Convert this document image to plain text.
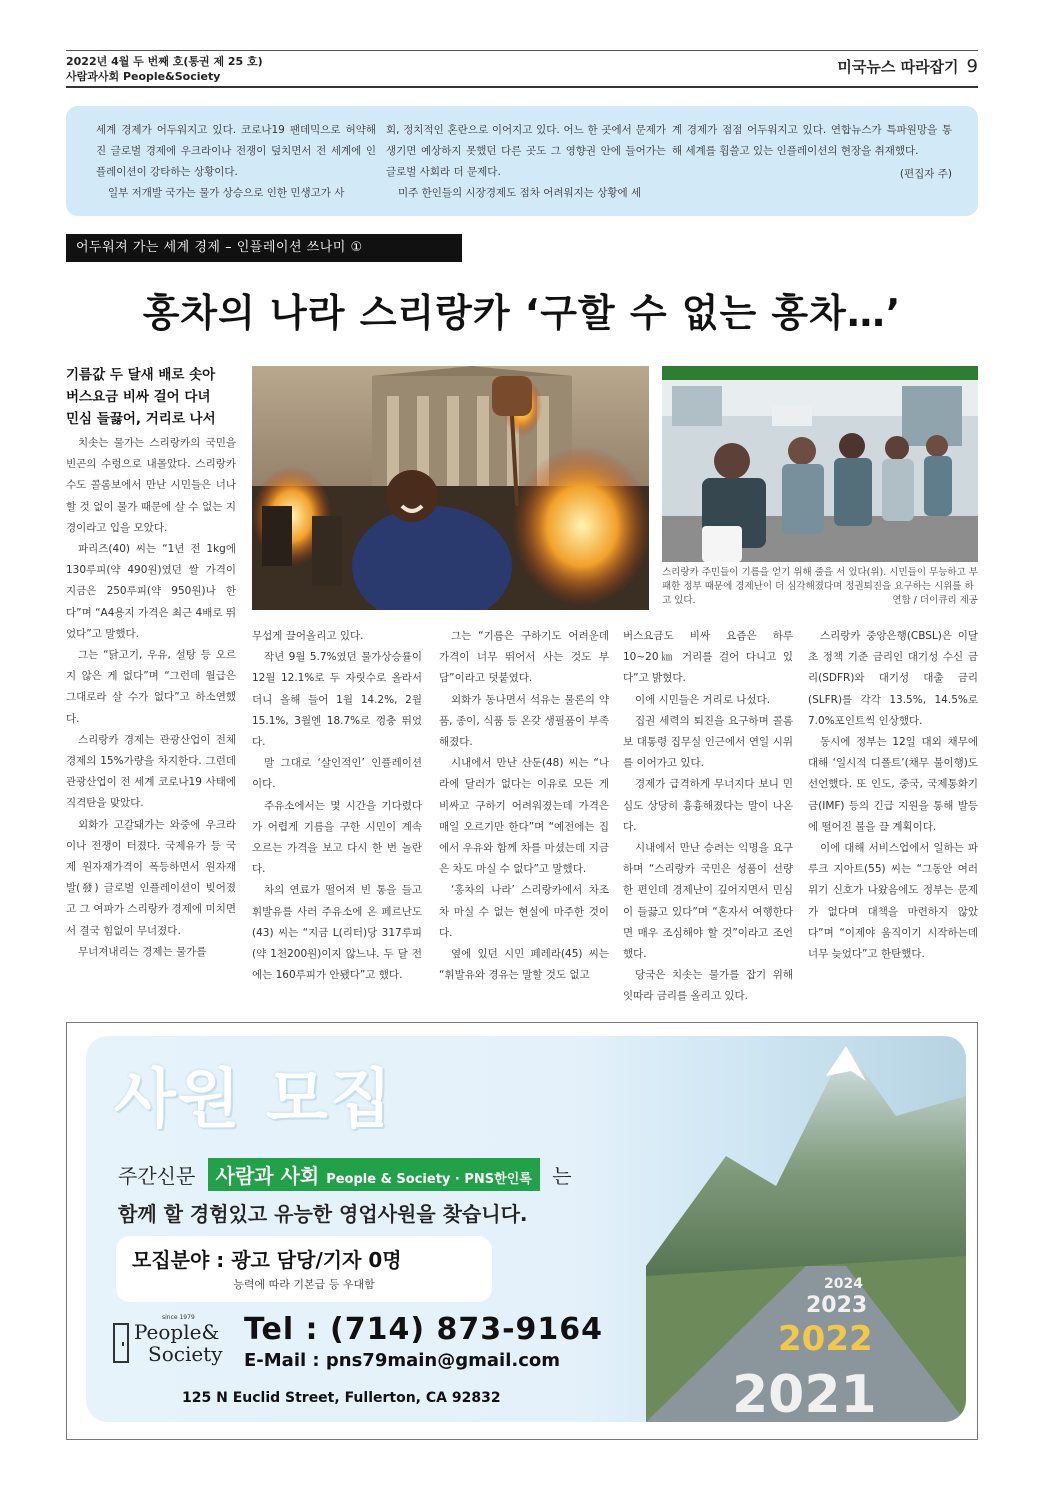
2022년 4월 두 번째 호(통권 제 25 호)
사람과사회 People&Society
미국뉴스 따라잡기 9

세계 경제가 어두워지고 있다. 코로나19 팬데믹으로 허약해진 글로벌 경제에 우크라이나 전쟁이 덮치면서 전 세계에 인플레이션이 강타하는 상황이다.

일부 저개발 국가는 물가 상승으로 인한 민생고가 사

회, 정치적인 혼란으로 이어지고 있다. 어느 한 곳에서 문제가 생기면 예상하지 못했던 다른 곳도 그 영향권 안에 들어가는 글로벌 사회라 더 문제다.

미주 한인들의 시장경제도 점차 어려워지는 상황에 세

계 경제가 점점 어두워지고 있다. 연합뉴스가 특파원망을 통해 세계를 휩쓸고 있는 인플레이션의 현장을 취재했다.

(편집자 주)
어두워져 가는 세계 경제 – 인플레이션 쓰나미 ①
홍차의 나라 스리랑카 ‘구할 수 없는 홍차…’
기름값 두 달새 배로 솟아
버스요금 비싸 걸어 다녀
민심 들끓어, 거리로 나서
스리랑카 주민들이 기름을 얻기 위해 줄을 서 있다(위). 시민들이 무능하고 부패한 정부 때문에 경제난이 더 심각해졌다며 정권퇴진을 요구하는 시위를 하고 있다.	연합 / 더이큐리 제공

치솟는 물가는 스리랑카의 국민을 빈곤의 수렁으로 내몰았다. 스리랑카 수도 콜롬보에서 만난 시민들은 너나 할 것 없이 물가 때문에 살 수 없는 지경이라고 입을 모았다.

파리즈(40) 씨는 “1년 전 1kg에 130루피(약 490원)였던 쌀 가격이 지금은 250루피(약 950원)나 한다”며 “A4용지 가격은 최근 4배로 뛰었다”고 말했다.

그는 “닭고기, 우유, 설탕 등 오르지 않은 게 없다”며 “그런데 월급은 그대로라 살 수가 없다”고 하소연했다.

스리랑카 경제는 관광산업이 전체 경제의 15%가량을 차지한다. 그런데 관광산업이 전 세계 코로나19 사태에 직격탄을 맞았다.

외화가 고갈돼가는 와중에 우크라이나 전쟁이 터졌다. 국제유가 등 국제 원자재가격이 폭등하면서 원자재발(發) 글로벌 인플레이션이 빚어졌고 그 여파가 스리랑카 경제에 미치면서 결국 힘없이 무너졌다.

무너져내리는 경제는 물가를

무섭게 끌어올리고 있다.

작년 9월 5.7%였던 물가상승률이 12월 12.1%로 두 자릿수로 올라서더니 올해 들어 1월 14.2%, 2월 15.1%, 3월엔 18.7%로 껑충 뛰었다.

말 그대로 ‘살인적인’ 인플레이션이다.

주유소에서는 몇 시간을 기다렸다가 어렵게 기름을 구한 시민이 계속 오르는 가격을 보고 다시 한 번 놀란다.

차의 연료가 떨어져 빈 통을 들고 휘발유를 사러 주유소에 온 페르난도(43) 씨는 “지금 L(리터)당 317루피(약 1천200원)이지 않느냐. 두 달 전에는 160루피가 안됐다”고 했다.

그는 “기름은 구하기도 어려운데 가격이 너무 뛰어서 사는 것도 부담”이라고 덧붙였다.

외화가 동나면서 석유는 물론의 약품, 종이, 식품 등 온갖 생필품이 부족해졌다.

시내에서 만난 산둔(48) 씨는 “나라에 달러가 없다는 이유로 모든 게 비싸고 구하기 어려워졌는데 가격은 매일 오르기만 한다”며 “예전에는 집에서 우유와 함께 차를 마셨는데 지금은 차도 마실 수 없다”고 말했다.

‘홍차의 나라’ 스리랑카에서 차조차 마실 수 없는 현실에 마주한 것이다.

옆에 있던 시민 페레라(45) 씨는 “휘발유와 경유는 말할 것도 없고

버스요금도 비싸 요즘은 하루 10~20㎞ 거리를 걸어 다니고 있다”고 밝혔다.

이에 시민들은 거리로 나섰다.

집권 세력의 퇴진을 요구하며 콜롬보 대통령 집무실 인근에서 연일 시위를 이어가고 있다.

경제가 급격하게 무너지다 보니 민심도 상당히 흉흉해졌다는 말이 나온다.

시내에서 만난 승려는 익명을 요구하며 “스리랑카 국민은 성품이 선량한 편인데 경제난이 깊어지면서 민심이 들끓고 있다”며 “혼자서 여행한다면 매우 조심해야 할 것”이라고 조언했다.

당국은 치솟는 물가를 잡기 위해 잇따라 금리를 올리고 있다.

스리랑카 중앙은행(CBSL)은 이달 초 정책 기준 금리인 대기성 수신 금리(SDFR)와 대기성 대출 금리(SLFR)를 각각 13.5%, 14.5%로 7.0%포인트씩 인상했다.

동시에 정부는 12일 대외 채무에 대해 ‘일시적 디폴트’(채무 불이행)도 선언했다. 또 인도, 중국, 국제통화기금(IMF) 등의 긴급 지원을 통해 발등에 떨어진 불을 끌 계획이다.

이에 대해 서비스업에서 일하는 파루크 지아트(55) 씨는 “그동안 여러 위기 신호가 나왔음에도 정부는 문제가 없다며 대책을 마련하지 않았다”며 “이제야 움직이기 시작하는데 너무 늦었다”고 한탄했다.

2024
2023
2022
2021
사원 모집
주간신문 사람과 사회 People & Society · PNS한인록 는
함께 할 경험있고 유능한 영업사원을 찾습니다.
모집분야 : 광고 담당/기자 0명
능력에 따라 기본급 등 우대함
since 1979
People&
Society
Tel : (714) 873-9164
E-Mail : pns79main@gmail.com
125 N Euclid Street, Fullerton, CA 92832
